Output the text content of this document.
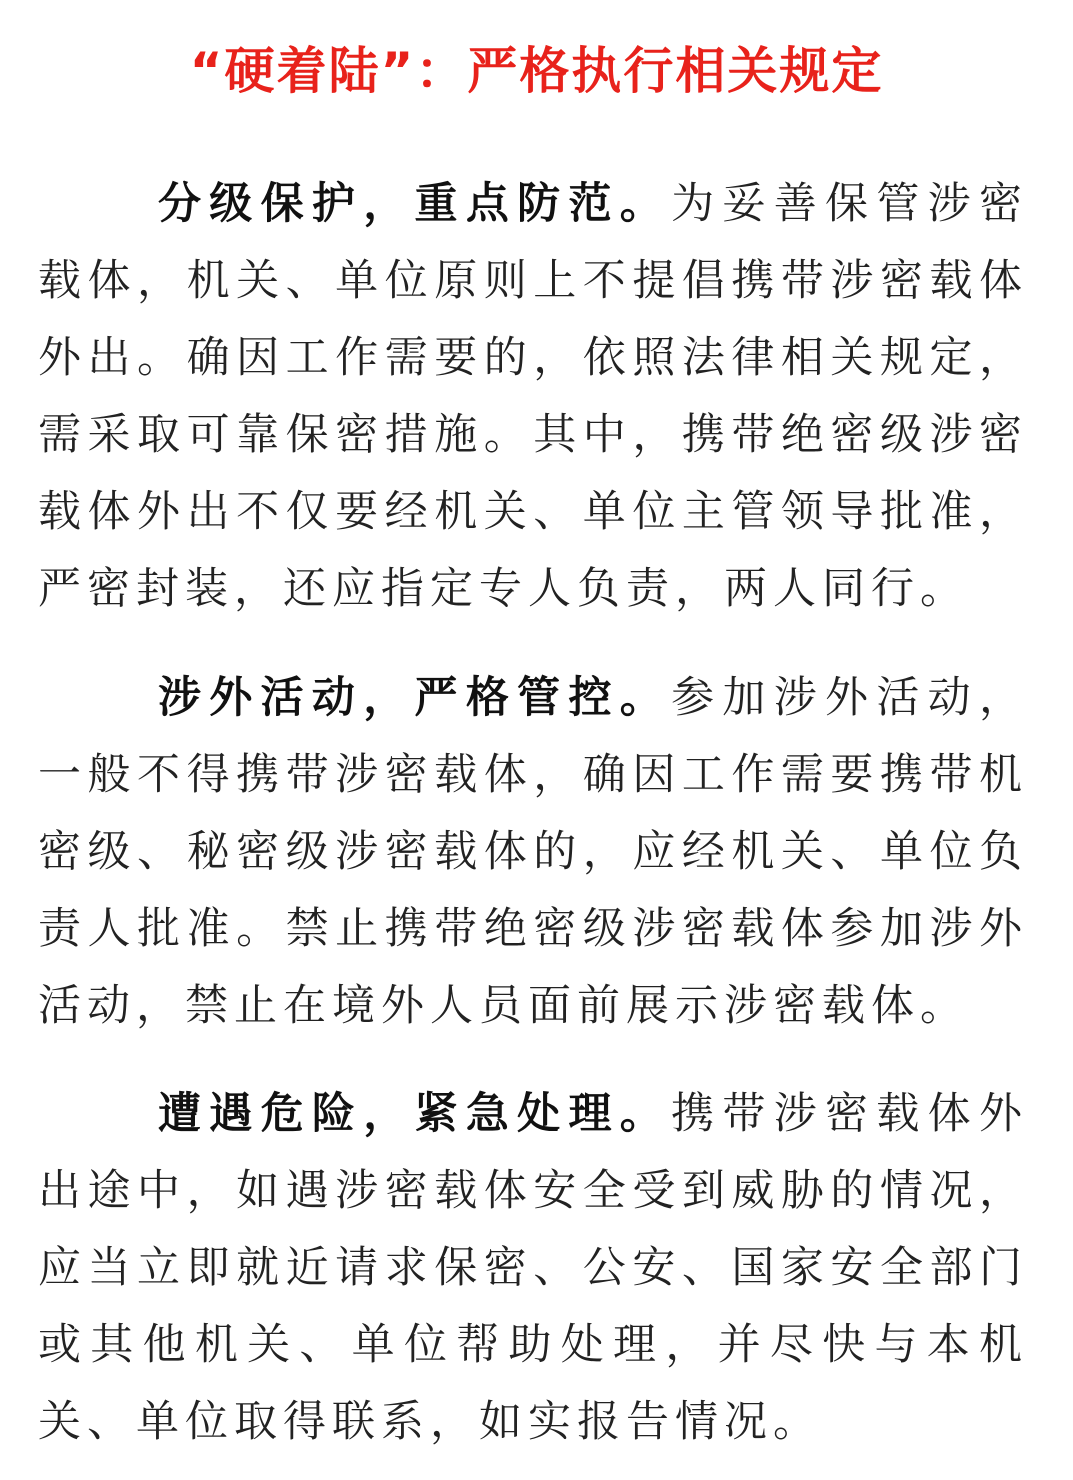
“硬着陆”：严格执行相关规定

分级保护，重点防范。为妥善保管涉密载体，机关、单位原则上不提倡携带涉密载体外出。确因工作需要的，依照法律相关规定，需采取可靠保密措施。其中，携带绝密级涉密载体外出不仅要经机关、单位主管领导批准，严密封装，还应指定专人负责，两人同行。

涉外活动，严格管控。参加涉外活动，一般不得携带涉密载体，确因工作需要携带机密级、秘密级涉密载体的，应经机关、单位负责人批准。禁止携带绝密级涉密载体参加涉外活动，禁止在境外人员面前展示涉密载体。

遭遇危险，紧急处理。携带涉密载体外出途中，如遇涉密载体安全受到威胁的情况，应当立即就近请求保密、公安、国家安全部门或其他机关、单位帮助处理，并尽快与本机关、单位取得联系，如实报告情况。
